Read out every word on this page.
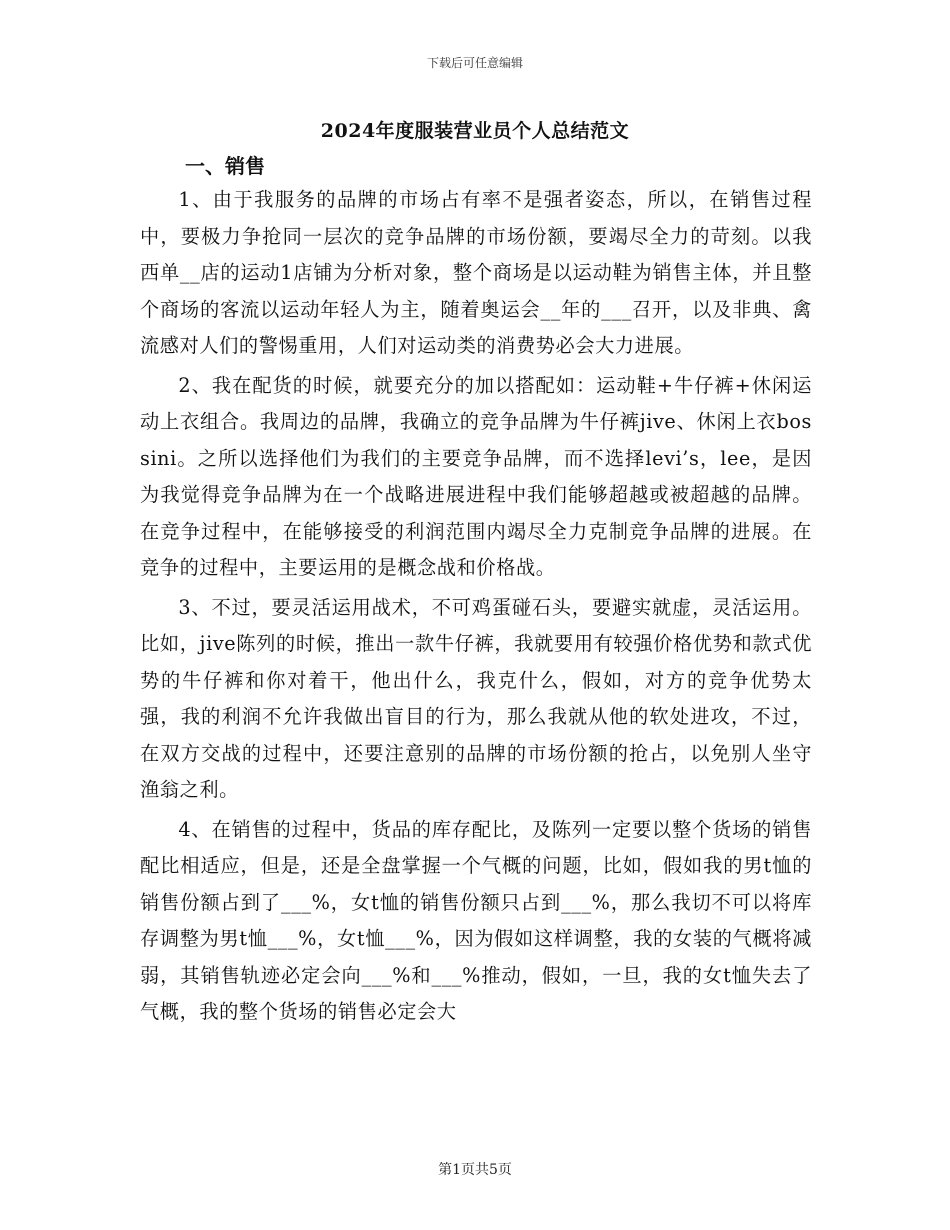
下载后可任意编辑
2024年度服装营业员个人总结范文
一、销售

1、由于我服务的品牌的市场占有率不是强者姿态，所以，在销售过程中，要极力争抢同一层次的竞争品牌的市场份额，要竭尽全力的苛刻。以我西单__店的运动1店铺为分析对象，整个商场是以运动鞋为销售主体，并且整个商场的客流以运动年轻人为主，随着奥运会__年的___召开，以及非典、禽流感对人们的警惕重用，人们对运动类的消费势必会大力进展。

2、我在配货的时候，就要充分的加以搭配如：运动鞋+牛仔裤+休闲运动上衣组合。我周边的品牌，我确立的竞争品牌为牛仔裤jive、休闲上衣bossini。之所以选择他们为我们的主要竞争品牌，而不选择levi’s，lee，是因为我觉得竞争品牌为在一个战略进展进程中我们能够超越或被超越的品牌。在竞争过程中，在能够接受的利润范围内竭尽全力克制竞争品牌的进展。在竞争的过程中，主要运用的是概念战和价格战。

3、不过，要灵活运用战术，不可鸡蛋碰石头，要避实就虚，灵活运用。比如，jive陈列的时候，推出一款牛仔裤，我就要用有较强价格优势和款式优势的牛仔裤和你对着干，他出什么，我克什么，假如，对方的竞争优势太强，我的利润不允许我做出盲目的行为，那么我就从他的软处进攻，不过，在双方交战的过程中，还要注意别的品牌的市场份额的抢占，以免别人坐守渔翁之利。

4、在销售的过程中，货品的库存配比，及陈列一定要以整个货场的销售配比相适应，但是，还是全盘掌握一个气概的问题，比如，假如我的男t恤的销售份额占到了___%，女t恤的销售份额只占到___%，那么我切不可以将库存调整为男t恤___%，女t恤___%，因为假如这样调整，我的女装的气概将减弱，其销售轨迹必定会向___%和___%推动，假如，一旦，我的女t恤失去了气概，我的整个货场的销售必定会大

第1页共5页
